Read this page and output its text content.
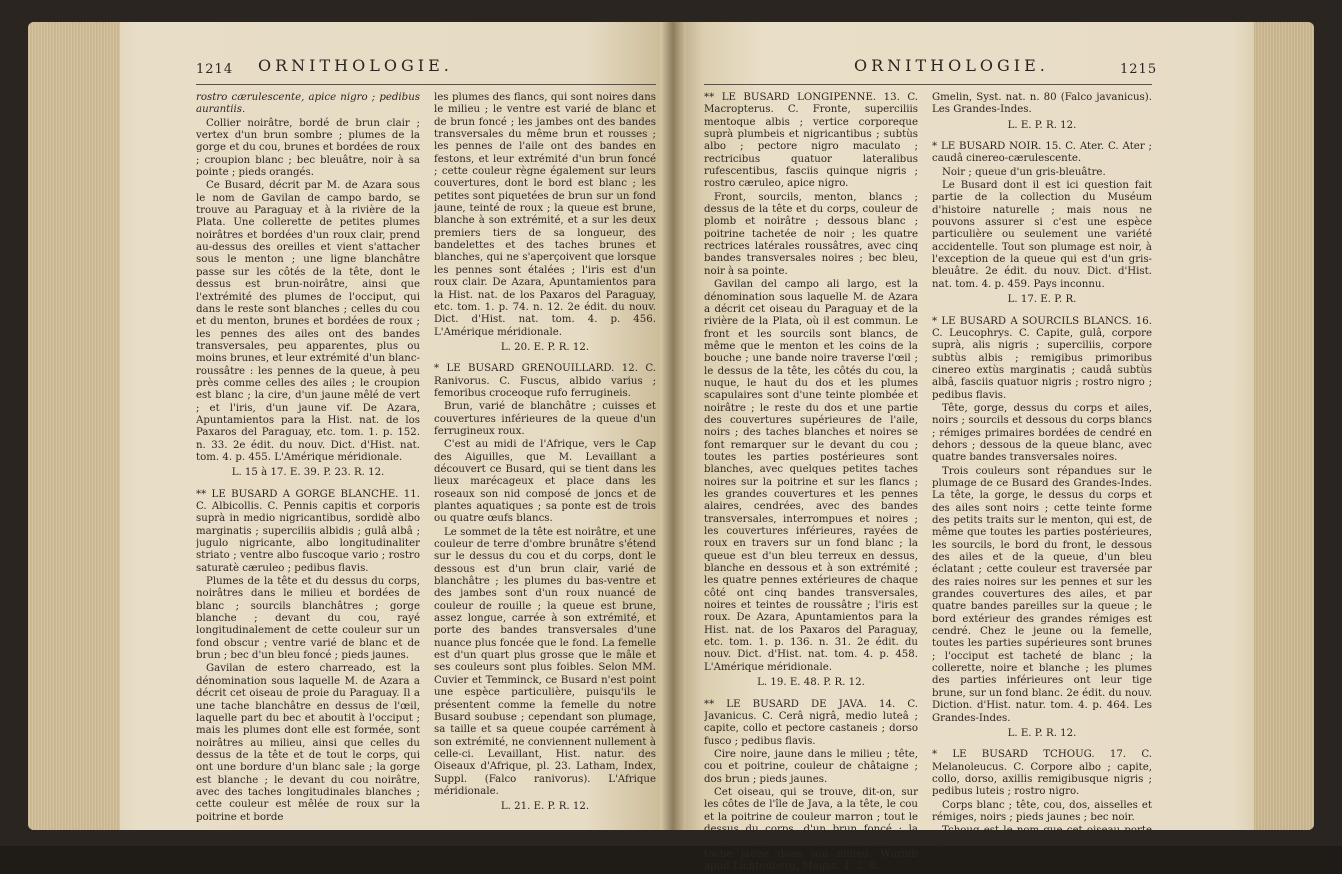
1214 ORNITHOLOGIE.

rostro cærulescente, apice nigro ; pedibus aurantiis.

Collier noirâtre, bordé de brun clair ; vertex d'un brun sombre ; plumes de la gorge et du cou, brunes et bordées de roux ; croupion blanc ; bec bleuâtre, noir à sa pointe ; pieds orangés.

Ce Busard, décrit par M. de Azara sous le nom de Gavilan de campo bardo, se trouve au Paraguay et à la rivière de la Plata. Une collerette de petites plumes noirâtres et bordées d'un roux clair, prend au-dessus des oreilles et vient s'attacher sous le menton ; une ligne blanchâtre passe sur les côtés de la tête, dont le dessus est brun-noirâtre, ainsi que l'extrémité des plumes de l'occiput, qui dans le reste sont blanches ; celles du cou et du menton, brunes et bordées de roux ; les pennes des ailes ont des bandes transversales, peu apparentes, plus ou moins brunes, et leur extrémité d'un blanc-roussâtre : les pennes de la queue, à peu près comme celles des ailes ; le croupion est blanc ; la cire, d'un jaune mêlé de vert ; et l'iris, d'un jaune vif. De Azara, Apuntamientos para la Hist. nat. de los Paxaros del Paraguay, etc. tom. 1. p. 152. n. 33. 2e édit. du nouv. Dict. d'Hist. nat. tom. 4. p. 455. L'Amérique méridionale.

L. 15 à 17. E. 39. P. 23. R. 12.

** LE BUSARD A GORGE BLANCHE. 11. C. Albicollis. C. Pennis capitis et corporis suprà in medio nigricantibus, sordidè albo marginatis ; superciliis albidis ; gulâ albâ ; jugulo nigricante, albo longitudinaliter striato ; ventre albo fuscoque vario ; rostro saturatè cæruleo ; pedibus flavis.

Plumes de la tête et du dessus du corps, noirâtres dans le milieu et bordées de blanc ; sourcils blanchâtres ; gorge blanche ; devant du cou, rayé longitudinalement de cette couleur sur un fond obscur ; ventre varié de blanc et de brun ; bec d'un bleu foncé ; pieds jaunes.

Gavilan de estero charreado, est la dénomination sous laquelle M. de Azara a décrit cet oiseau de proie du Paraguay. Il a une tache blanchâtre en dessus de l'œil, laquelle part du bec et aboutit à l'occiput ; mais les plumes dont elle est formée, sont noirâtres au milieu, ainsi que celles du dessus de la tête et de tout le corps, qui ont une bordure d'un blanc sale ; la gorge est blanche ; le devant du cou noirâtre, avec des taches longitudinales blanches ; cette couleur est mêlée de roux sur la poitrine et borde

les plumes des flancs, qui sont noires dans le milieu ; le ventre est varié de blanc et de brun foncé ; les jambes ont des bandes transversales du même brun et rousses ; les pennes de l'aile ont des bandes en festons, et leur extrémité d'un brun foncé ; cette couleur règne également sur leurs couvertures, dont le bord est blanc ; les petites sont piquetées de brun sur un fond jaune, teinté de roux ; la queue est brune, blanche à son extrémité, et a sur les deux premiers tiers de sa longueur, des bandelettes et des taches brunes et blanches, qui ne s'aperçoivent que lorsque les pennes sont étalées ; l'iris est d'un roux clair. De Azara, Apuntamientos para la Hist. nat. de los Paxaros del Paraguay, etc. tom. 1. p. 74. n. 12. 2e édit. du nouv. Dict. d'Hist. nat. tom. 4. p. 456. L'Amérique méridionale.

L. 20. E. P. R. 12.

* LE BUSARD GRENOUILLARD. 12. C. Ranivorus. C. Fuscus, albido varius ; femoribus croceoque rufo ferrugineis.

Brun, varié de blanchâtre ; cuisses et couvertures inférieures de la queue d'un ferrugineux roux.

C'est au midi de l'Afrique, vers le Cap des Aiguilles, que M. Levaillant a découvert ce Busard, qui se tient dans les lieux marécageux et place dans les roseaux son nid composé de joncs et de plantes aquatiques ; sa ponte est de trois ou quatre œufs blancs.

Le sommet de la tête est noirâtre, et une couleur de terre d'ombre brunâtre s'étend sur le dessus du cou et du corps, dont le dessous est d'un brun clair, varié de blanchâtre ; les plumes du bas-ventre et des jambes sont d'un roux nuancé de couleur de rouille ; la queue est brune, assez longue, carrée à son extrémité, et porte des bandes transversales d'une nuance plus foncée que le fond. La femelle est d'un quart plus grosse que le mâle et ses couleurs sont plus foibles. Selon MM. Cuvier et Temminck, ce Busard n'est point une espèce particulière, puisqu'ils le présentent comme la femelle du notre Busard soubuse ; cependant son plumage, sa taille et sa queue coupée carrément à son extrémité, ne conviennent nullement à celle-ci. Levaillant, Hist. natur. des Oiseaux d'Afrique, pl. 23. Latham, Index, Suppl. (Falco ranivorus). L'Afrique méridionale.

L. 21. E. P. R. 12.

ORNITHOLOGIE.	1215

** LE BUSARD LONGIPENNE. 13. C. Macropterus. C. Fronte, superciliis mentoque albis ; vertice corporeque suprà plumbeis et nigricantibus ; subtùs albo ; pectore nigro maculato ; rectricibus quatuor lateralibus rufescentibus, fasciis quinque nigris ; rostro cæruleo, apice nigro.

Front, sourcils, menton, blancs ; dessus de la tête et du corps, couleur de plomb et noirâtre ; dessous blanc ; poitrine tachetée de noir ; les quatre rectrices latérales roussâtres, avec cinq bandes transversales noires ; bec bleu, noir à sa pointe.

Gavilan del campo ali largo, est la dénomination sous laquelle M. de Azara a décrit cet oiseau du Paraguay et de la rivière de la Plata, où il est commun. Le front et les sourcils sont blancs, de même que le menton et les coins de la bouche ; une bande noire traverse l'œil ; le dessus de la tête, les côtés du cou, la nuque, le haut du dos et les plumes scapulaires sont d'une teinte plombée et noirâtre ; le reste du dos et une partie des couvertures supérieures de l'aile, noirs ; des taches blanches et noires se font remarquer sur le devant du cou ; toutes les parties postérieures sont blanches, avec quelques petites taches noires sur la poitrine et sur les flancs ; les grandes couvertures et les pennes alaires, cendrées, avec des bandes transversales, interrompues et noires ; les couvertures inférieures, rayées de roux en travers sur un fond blanc ; la queue est d'un bleu terreux en dessus, blanche en dessous et à son extrémité ; les quatre pennes extérieures de chaque côté ont cinq bandes transversales, noires et teintes de roussâtre ; l'iris est roux. De Azara, Apuntamientos para la Hist. nat. de los Paxaros del Paraguay, etc. tom. 1. p. 136. n. 31. 2e édit. du nouv. Dict. d'Hist. nat. tom. 4. p. 458. L'Amérique méridionale.

L. 19. E. 48. P. R. 12.

** LE BUSARD DE JAVA. 14. C. Javanicus. C. Cerâ nigrâ, medio luteâ ; capite, collo et pectore castaneis ; dorso fusco ; pedibus flavis.

Cire noire, jaune dans le milieu ; tête, cou et poitrine, couleur de châtaigne ; dos brun ; pieds jaunes.

Cet oiseau, qui se trouve, dit-on, sur les côtes de l'île de Java, a la tête, le cou et la poitrine de couleur marron ; tout le dessus du corps, d'un brun foncé ; la membrane du bec, noirâtre, avec une tache jaune dans son milieu. Wurmb apud Lichtenberg, Magaz. 4. 2. 8.

Gmelin, Syst. nat. n. 80 (Falco javanicus). Les Grandes-Indes.

L. E. P. R. 12.

* LE BUSARD NOIR. 15. C. Ater. C. Ater ; caudâ cinereo-cærulescente.

Noir ; queue d'un gris-bleuâtre.

Le Busard dont il est ici question fait partie de la collection du Muséum d'histoire naturelle ; mais nous ne pouvons assurer si c'est une espèce particulière ou seulement une variété accidentelle. Tout son plumage est noir, à l'exception de la queue qui est d'un gris-bleuâtre. 2e édit. du nouv. Dict. d'Hist. nat. tom. 4. p. 459. Pays inconnu.

L. 17. E. P. R.

* LE BUSARD A SOURCILS BLANCS. 16. C. Leucophrys. C. Capite, gulâ, corpore suprà, alis nigris ; superciliis, corpore subtùs albis ; remigibus primoribus cinereo extùs marginatis ; caudâ subtùs albâ, fasciis quatuor nigris ; rostro nigro ; pedibus flavis.

Tête, gorge, dessus du corps et ailes, noirs ; sourcils et dessous du corps blancs ; rémiges primaires bordées de cendré en dehors ; dessous de la queue blanc, avec quatre bandes transversales noires.

Trois couleurs sont répandues sur le plumage de ce Busard des Grandes-Indes. La tête, la gorge, le dessus du corps et des ailes sont noirs ; cette teinte forme des petits traits sur le menton, qui est, de même que toutes les parties postérieures, les sourcils, le bord du front, le dessous des ailes et de la queue, d'un bleu éclatant ; cette couleur est traversée par des raies noires sur les pennes et sur les grandes couvertures des ailes, et par quatre bandes pareilles sur la queue ; le bord extérieur des grandes rémiges est cendré. Chez le jeune ou la femelle, toutes les parties supérieures sont brunes ; l'occiput est tacheté de blanc ; la collerette, noire et blanche ; les plumes des parties inférieures ont leur tige brune, sur un fond blanc. 2e édit. du nouv. Diction. d'Hist. natur. tom. 4. p. 464. Les Grandes-Indes.

L. E. P. R. 12.

* LE BUSARD TCHOUG. 17. C. Melanoleucus. C. Corpore albo ; capite, collo, dorso, axillis remigibusque nigris ; pedibus luteis ; rostro nigro.

Corps blanc ; tête, cou, dos, aisselles et rémiges, noirs ; pieds jaunes ; bec noir.

Tchoug est le nom que cet oiseau porte au
